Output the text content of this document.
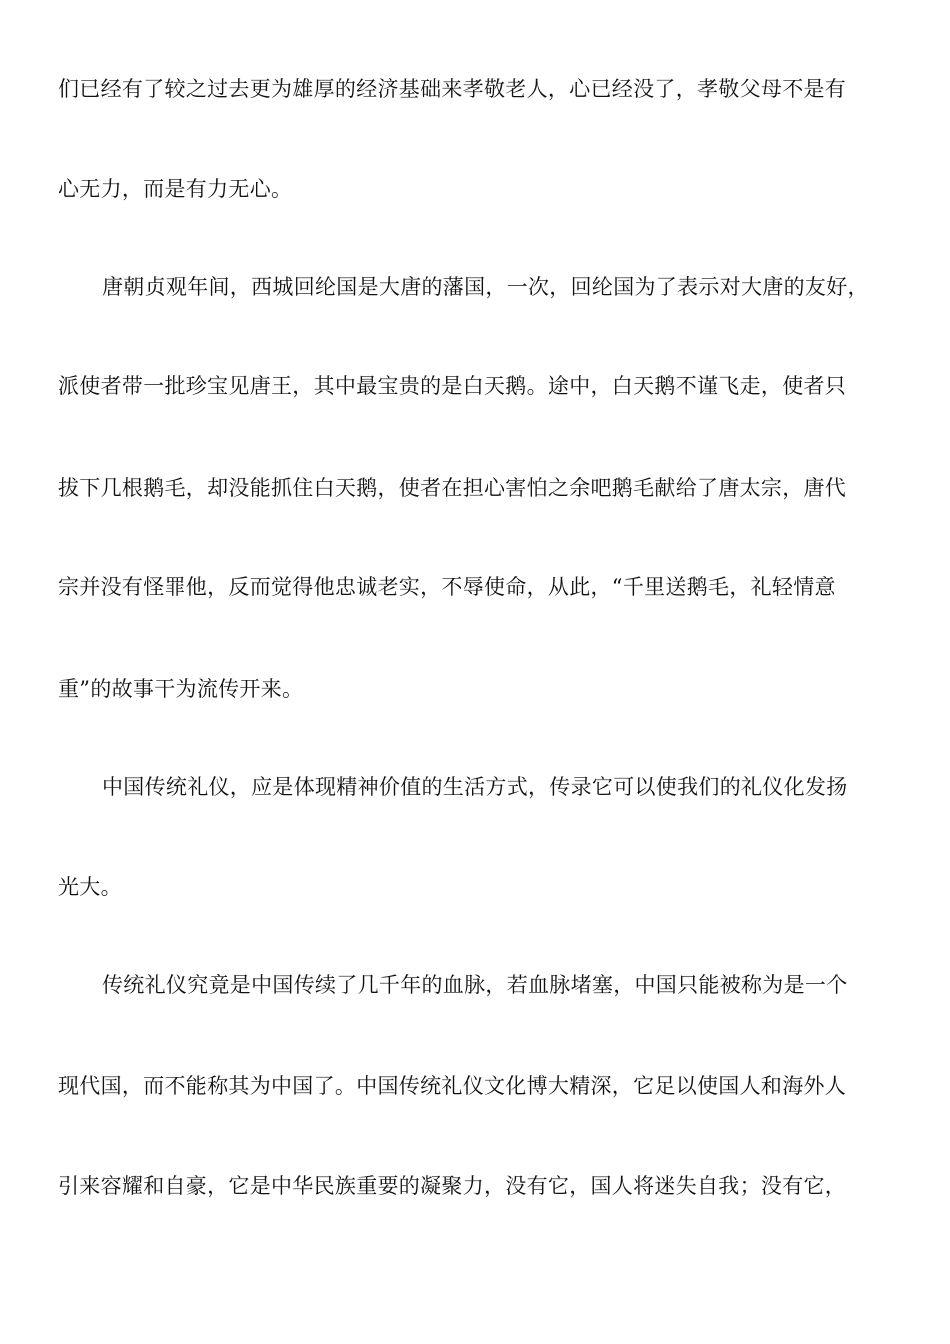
们已经有了较之过去更为雄厚的经济基础来孝敬老人，心已经没了，孝敬父母不是有
心无力，而是有力无心。
唐朝贞观年间，西城回纶国是大唐的藩国，一次，回纶国为了表示对大唐的友好，
派使者带一批珍宝见唐王，其中最宝贵的是白天鹅。途中，白天鹅不谨飞走，使者只
拔下几根鹅毛，却没能抓住白天鹅，使者在担心害怕之余吧鹅毛献给了唐太宗，唐代
宗并没有怪罪他，反而觉得他忠诚老实，不辱使命，从此，“千里送鹅毛，礼轻情意
重”的故事干为流传开来。
中国传统礼仪，应是体现精神价值的生活方式，传录它可以使我们的礼仪化发扬
光大。
传统礼仪究竟是中国传续了几千年的血脉，若血脉堵塞，中国只能被称为是一个
现代国，而不能称其为中国了。中国传统礼仪文化博大精深，它足以使国人和海外人
引来容耀和自豪，它是中华民族重要的凝聚力，没有它，国人将迷失自我；没有它，
